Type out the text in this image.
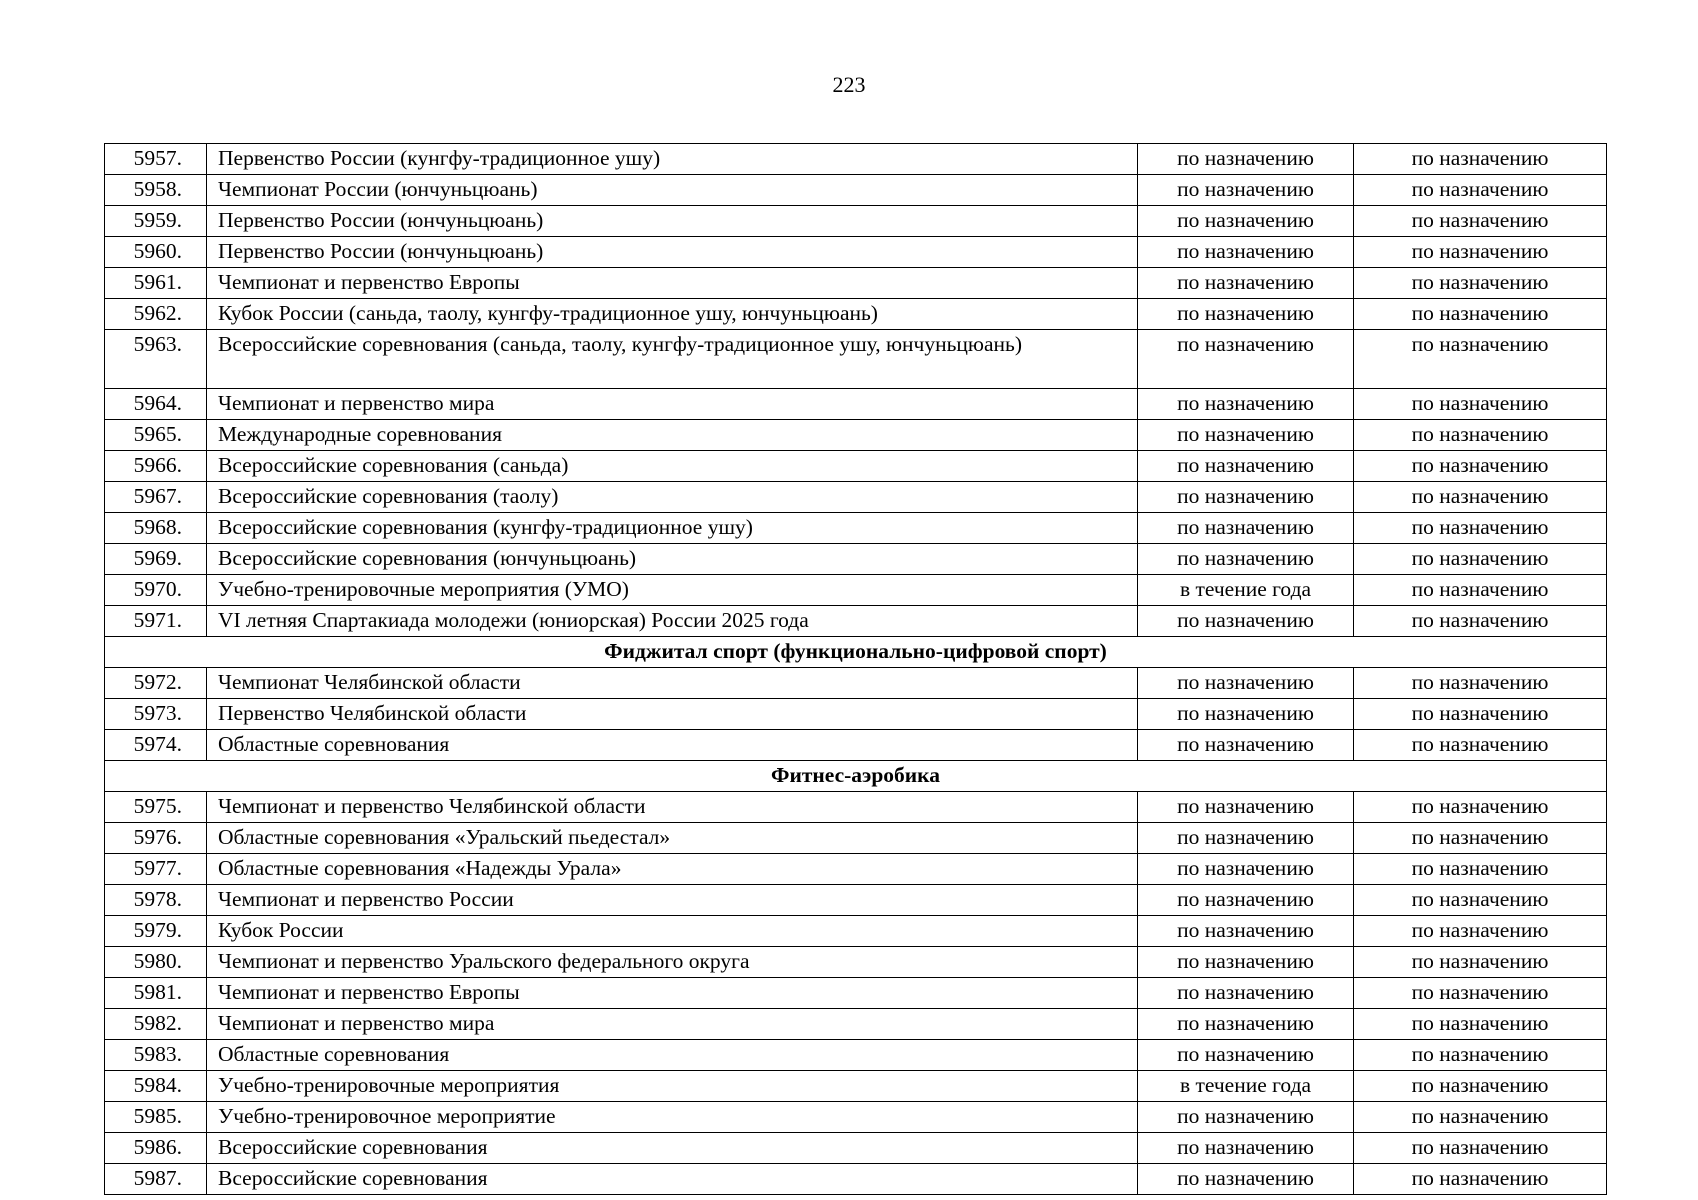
223
5957.	Первенство России (кунгфу-традиционное ушу)	по назначению	по назначению
5958.	Чемпионат России (юнчуньцюань)	по назначению	по назначению
5959.	Первенство России (юнчуньцюань)	по назначению	по назначению
5960.	Первенство России (юнчуньцюань)	по назначению	по назначению
5961.	Чемпионат и первенство Европы	по назначению	по назначению
5962.	Кубок России (саньда, таолу, кунгфу-традиционное ушу, юнчуньцюань)	по назначению	по назначению
5963.	Всероссийские соревнования (саньда, таолу, кунгфу-традиционное ушу, юнчуньцюань)	по назначению	по назначению
5964.	Чемпионат и первенство мира	по назначению	по назначению
5965.	Международные соревнования	по назначению	по назначению
5966.	Всероссийские соревнования (саньда)	по назначению	по назначению
5967.	Всероссийские соревнования (таолу)	по назначению	по назначению
5968.	Всероссийские соревнования (кунгфу-традиционное ушу)	по назначению	по назначению
5969.	Всероссийские соревнования (юнчуньцюань)	по назначению	по назначению
5970.	Учебно-тренировочные мероприятия (УМО)	в течение года	по назначению
5971.	VI летняя Спартакиада молодежи (юниорская) России 2025 года	по назначению	по назначению
Фиджитал спорт (функционально-цифровой спорт)			
5972.	Чемпионат Челябинской области	по назначению	по назначению
5973.	Первенство Челябинской области	по назначению	по назначению
5974.	Областные соревнования	по назначению	по назначению
Фитнес-аэробика			
5975.	Чемпионат и первенство Челябинской области	по назначению	по назначению
5976.	Областные соревнования «Уральский пьедестал»	по назначению	по назначению
5977.	Областные соревнования «Надежды Урала»	по назначению	по назначению
5978.	Чемпионат и первенство России	по назначению	по назначению
5979.	Кубок России	по назначению	по назначению
5980.	Чемпионат и первенство Уральского федерального округа	по назначению	по назначению
5981.	Чемпионат и первенство Европы	по назначению	по назначению
5982.	Чемпионат и первенство мира	по назначению	по назначению
5983.	Областные соревнования	по назначению	по назначению
5984.	Учебно-тренировочные мероприятия	в течение года	по назначению
5985.	Учебно-тренировочное мероприятие	по назначению	по назначению
5986.	Всероссийские соревнования	по назначению	по назначению
5987.	Всероссийские соревнования	по назначению	по назначению
